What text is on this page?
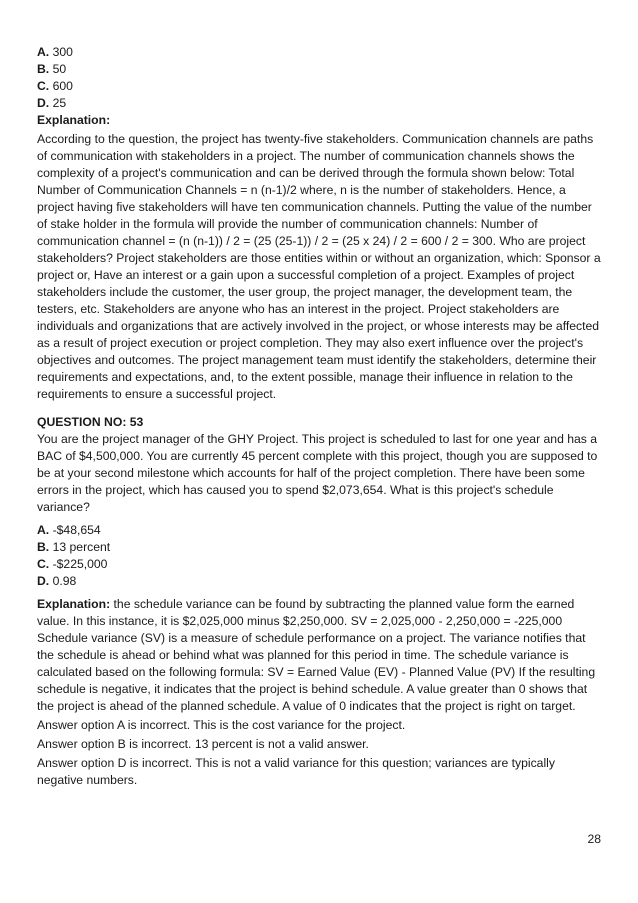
A. 300

B. 50

C. 600

D. 25

Explanation:

According to the question, the project has twenty-five stakeholders. Communication channels are paths of communication with stakeholders in a project. The number of communication channels shows the complexity of a project's communication and can be derived through the formula shown below: Total Number of Communication Channels = n (n-1)/2 where, n is the number of stakeholders. Hence, a project having five stakeholders will have ten communication channels. Putting the value of the number of stake holder in the formula will provide the number of communication channels: Number of communication channel = (n (n-1)) / 2 = (25 (25-1)) / 2 = (25 x 24) / 2 = 600 / 2 = 300. Who are project stakeholders? Project stakeholders are those entities within or without an organization, which: Sponsor a project or, Have an interest or a gain upon a successful completion of a project. Examples of project stakeholders include the customer, the user group, the project manager, the development team, the testers, etc. Stakeholders are anyone who has an interest in the project. Project stakeholders are individuals and organizations that are actively involved in the project, or whose interests may be affected as a result of project execution or project completion. They may also exert influence over the project's objectives and outcomes. The project management team must identify the stakeholders, determine their requirements and expectations, and, to the extent possible, manage their influence in relation to the requirements to ensure a successful project.

QUESTION NO: 53

You are the project manager of the GHY Project. This project is scheduled to last for one year and has a BAC of $4,500,000. You are currently 45 percent complete with this project, though you are supposed to be at your second milestone which accounts for half of the project completion. There have been some errors in the project, which has caused you to spend $2,073,654. What is this project's schedule variance?

A. -$48,654

B. 13 percent

C. -$225,000

D. 0.98

Explanation: the schedule variance can be found by subtracting the planned value form the earned value. In this instance, it is $2,025,000 minus $2,250,000. SV = 2,025,000 - 2,250,000 = -225,000 Schedule variance (SV) is a measure of schedule performance on a project. The variance notifies that the schedule is ahead or behind what was planned for this period in time. The schedule variance is calculated based on the following formula: SV = Earned Value (EV) - Planned Value (PV) If the resulting schedule is negative, it indicates that the project is behind schedule. A value greater than 0 shows that the project is ahead of the planned schedule. A value of 0 indicates that the project is right on target.

Answer option A is incorrect. This is the cost variance for the project.

Answer option B is incorrect. 13 percent is not a valid answer.

Answer option D is incorrect. This is not a valid variance for this question; variances are typically negative numbers.

28
